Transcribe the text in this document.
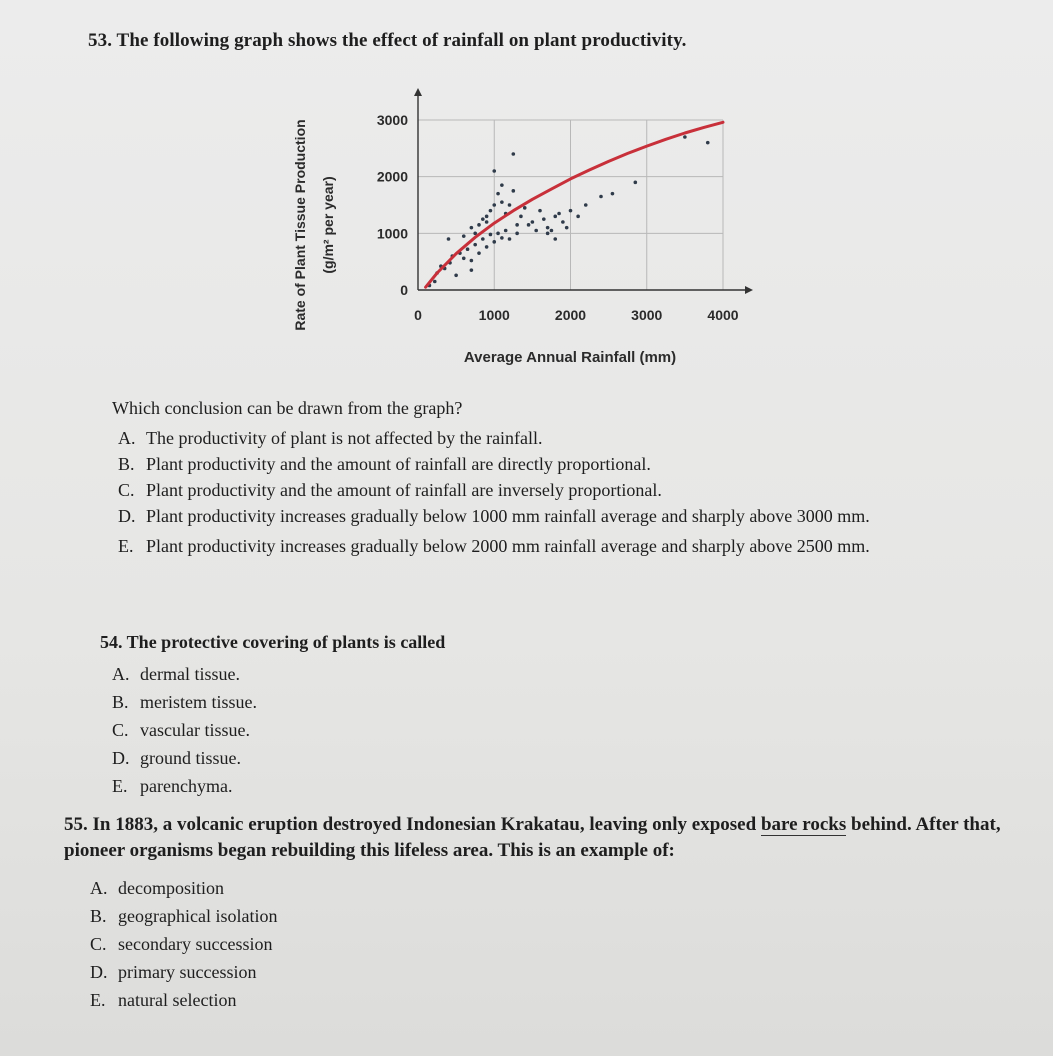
53. The following graph shows the effect of rainfall on plant productivity.
0
1000
2000
3000
0	1000	2000	3000	4000
Average Annual Rainfall (mm)
Rate of Plant Tissue Production (g/m² per year)
Which conclusion can be drawn from the graph?
A. The productivity of plant is not affected by the rainfall.
B. Plant productivity and the amount of rainfall are directly proportional.
C. Plant productivity and the amount of rainfall are inversely proportional.
D. Plant productivity increases gradually below 1000 mm rainfall average and sharply above 3000 mm.
E. Plant productivity increases gradually below 2000 mm rainfall average and sharply above 2500 mm.
54. The protective covering of plants is called
A. dermal tissue.
B. meristem tissue.
C. vascular tissue.
D. ground tissue.
E. parenchyma.
55. In 1883, a volcanic eruption destroyed Indonesian Krakatau, leaving only exposed bare rocks behind. After that, pioneer organisms began rebuilding this lifeless area. This is an example of:
A. decomposition
B. geographical isolation
C. secondary succession
D. primary succession
E. natural selection
